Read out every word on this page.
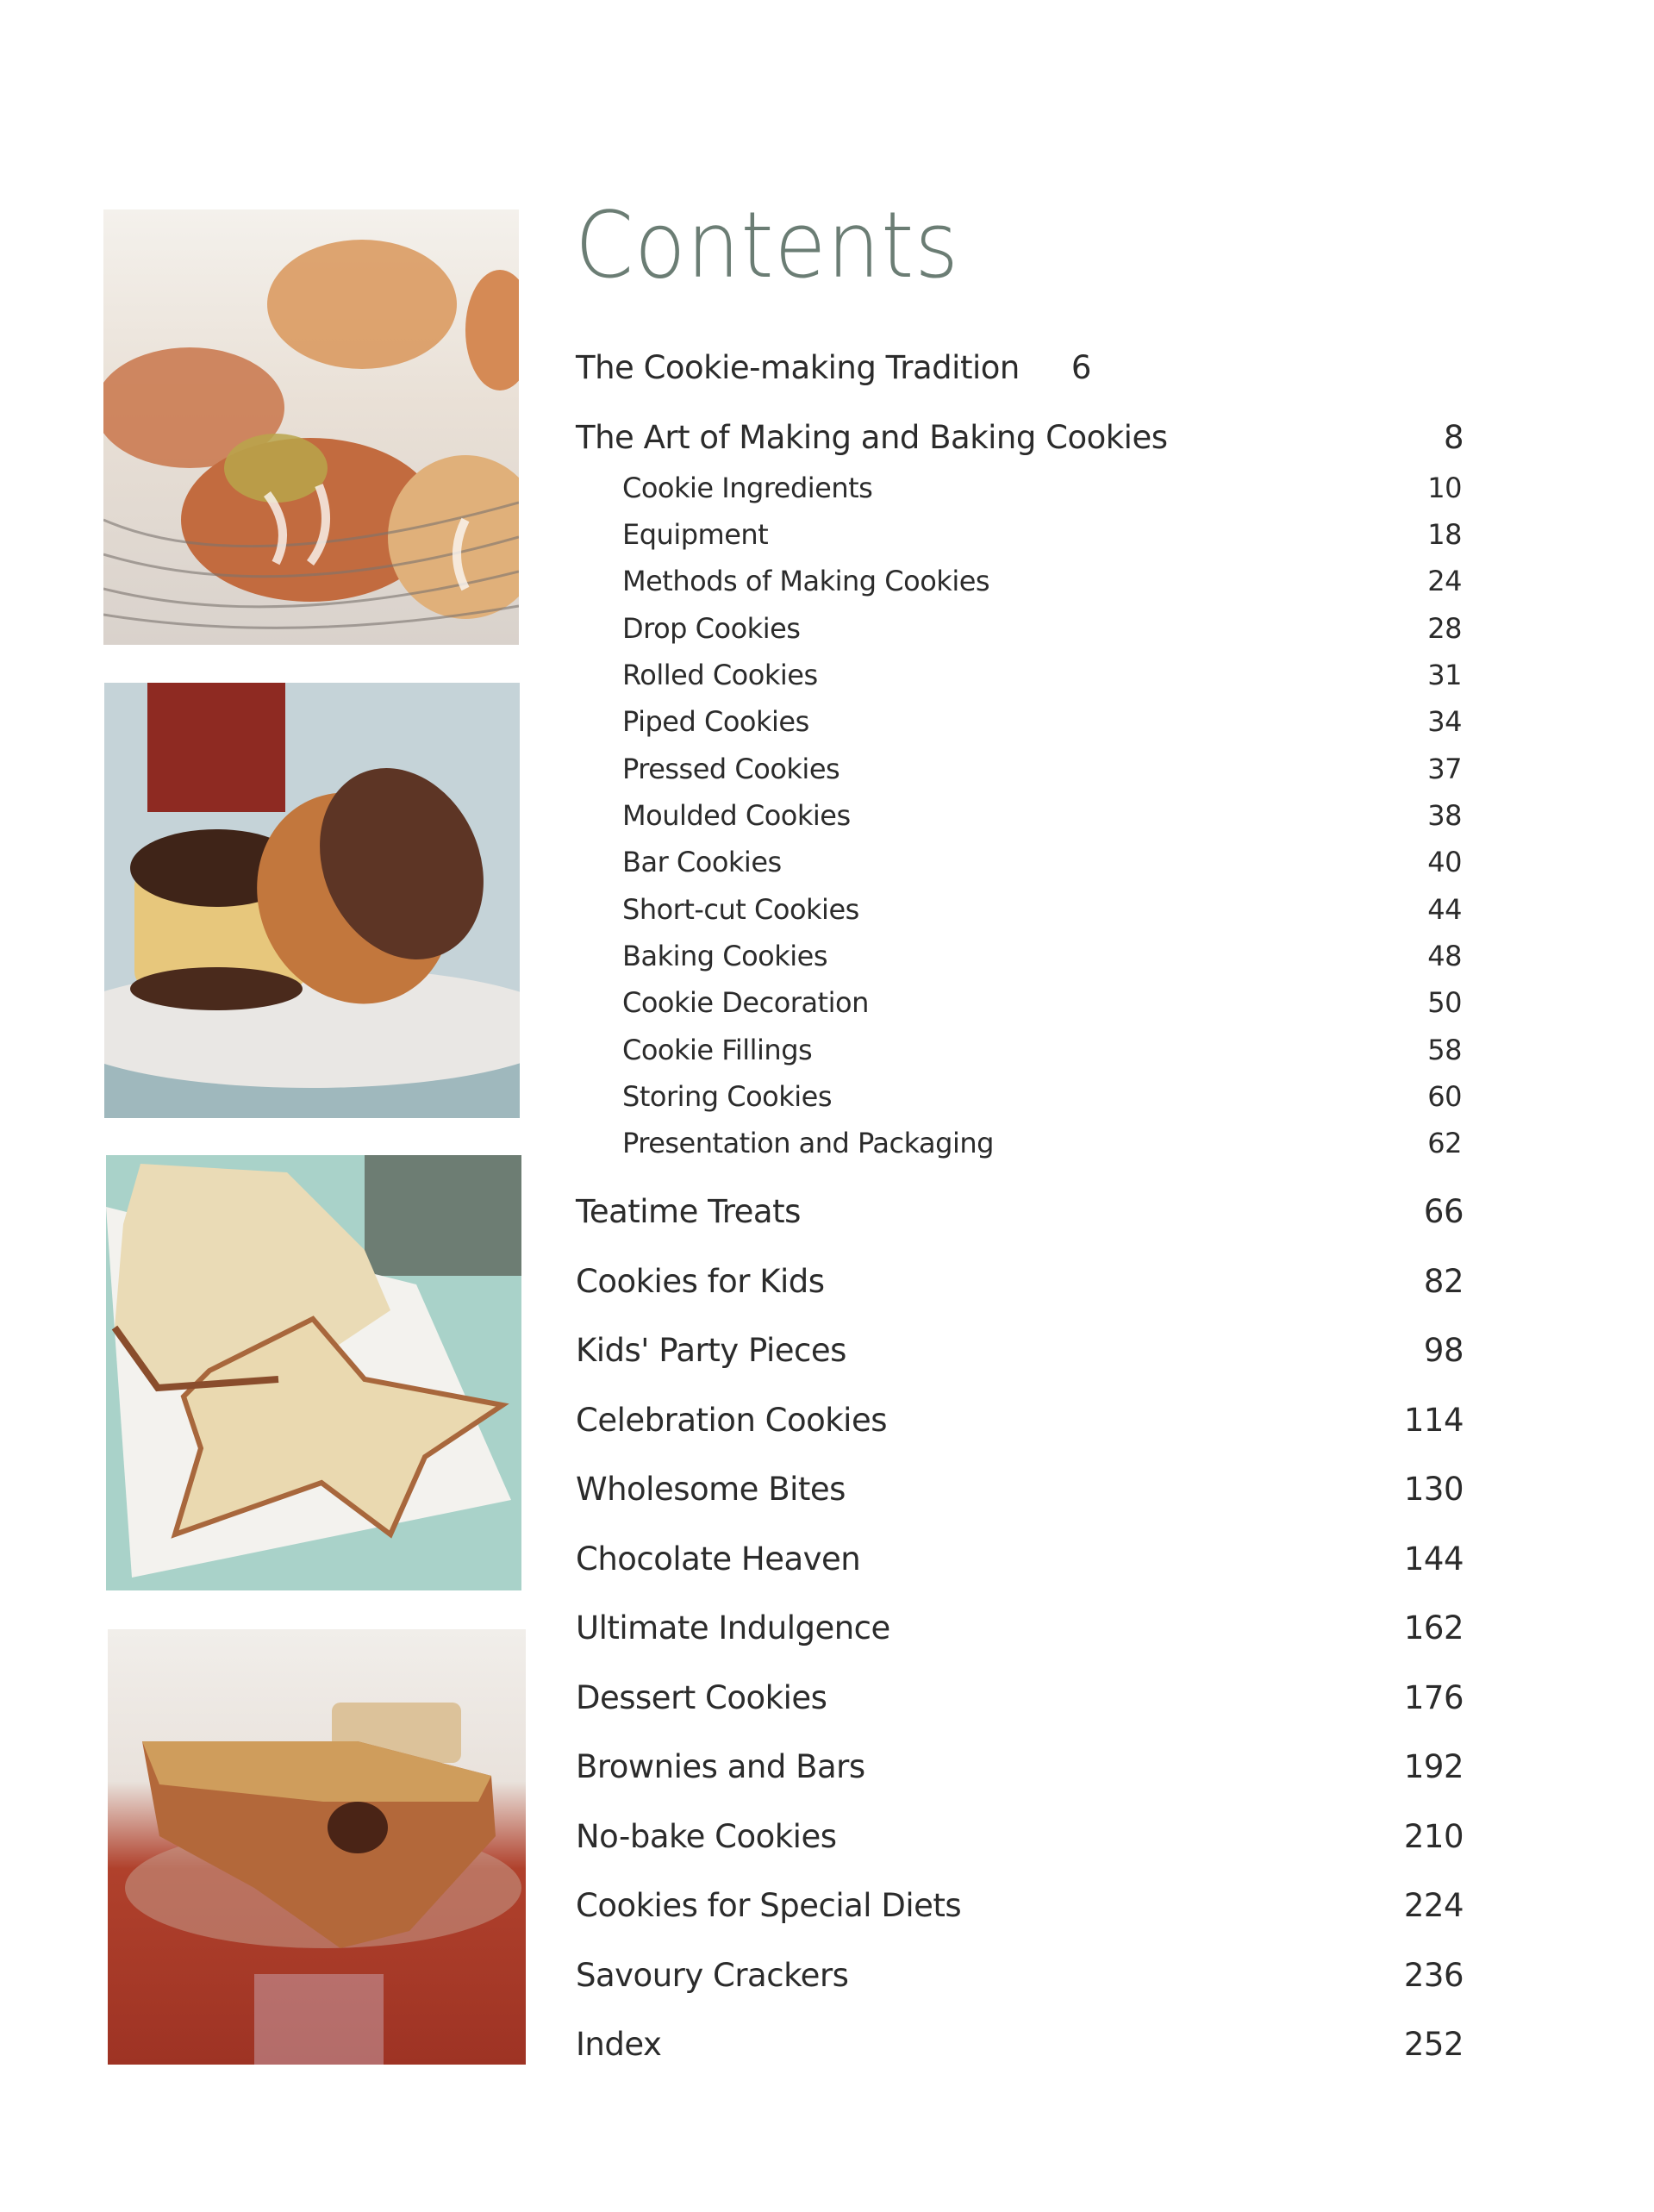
Contents
The Cookie-making Tradition 6
The Art of Making and Baking Cookies	8
Cookie Ingredients	10
Equipment	18
Methods of Making Cookies	24
Drop Cookies	28
Rolled Cookies	31
Piped Cookies	34
Pressed Cookies	37
Moulded Cookies	38
Bar Cookies	40
Short-cut Cookies	44
Baking Cookies	48
Cookie Decoration	50
Cookie Fillings	58
Storing Cookies	60
Presentation and Packaging	62
Teatime Treats	66
Cookies for Kids	82
Kids' Party Pieces	98
Celebration Cookies	114
Wholesome Bites	130
Chocolate Heaven	144
Ultimate Indulgence	162
Dessert Cookies	176
Brownies and Bars	192
No-bake Cookies	210
Cookies for Special Diets	224
Savoury Crackers	236
Index	252
